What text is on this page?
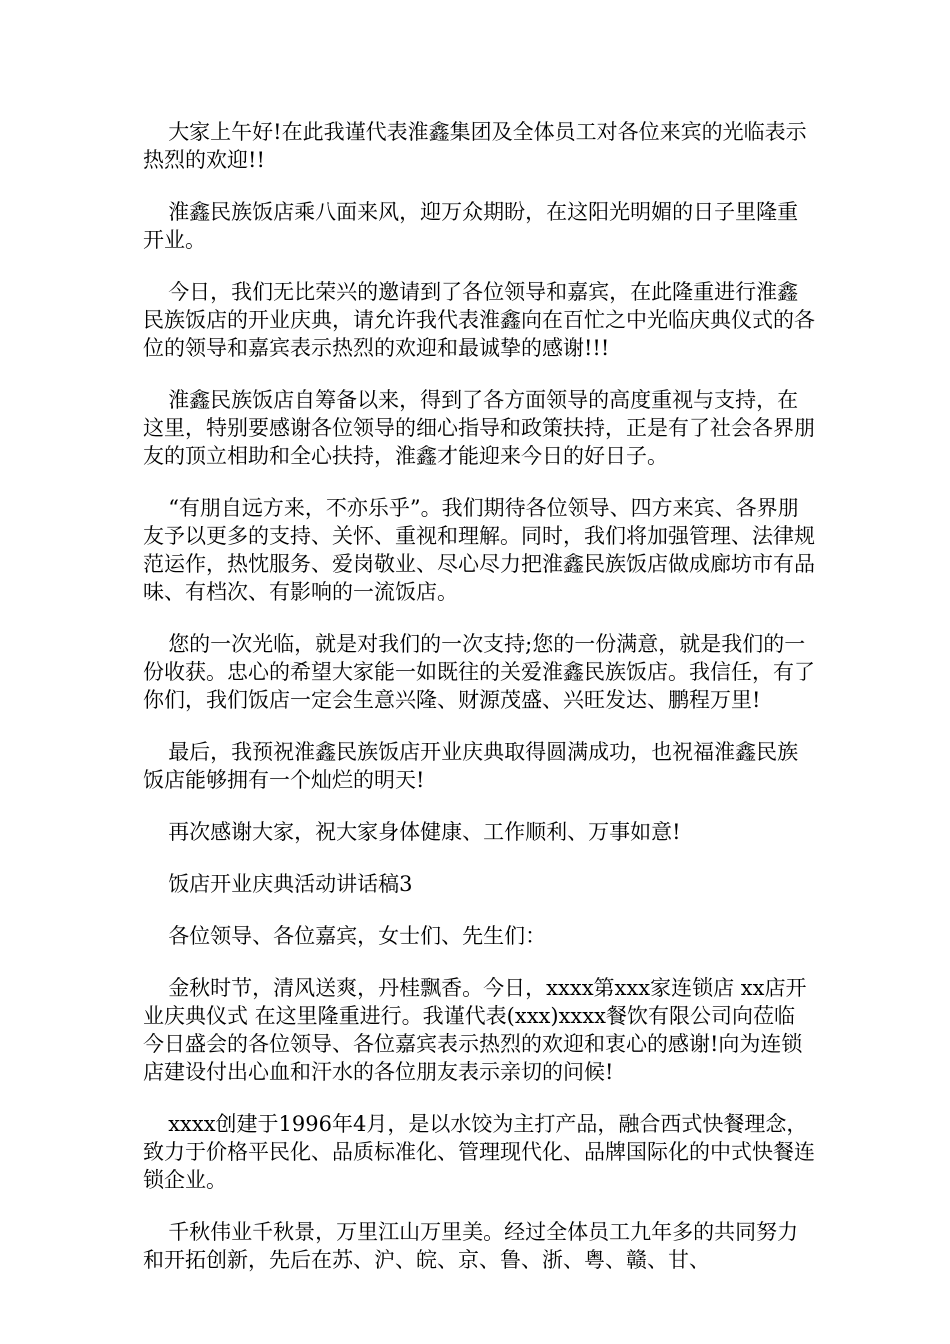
大家上午好!在此我谨代表淮鑫集团及全体员工对各位来宾的光临表示热烈的欢迎!!

淮鑫民族饭店乘八面来风，迎万众期盼，在这阳光明媚的日子里隆重开业。

今日，我们无比荣兴的邀请到了各位领导和嘉宾，在此隆重进行淮鑫民族饭店的开业庆典，请允许我代表淮鑫向在百忙之中光临庆典仪式的各位的领导和嘉宾表示热烈的欢迎和最诚挚的感谢!!!

淮鑫民族饭店自筹备以来，得到了各方面领导的高度重视与支持，在这里，特别要感谢各位领导的细心指导和政策扶持，正是有了社会各界朋友的顶立相助和全心扶持，淮鑫才能迎来今日的好日子。

“有朋自远方来，不亦乐乎”。我们期待各位领导、四方来宾、各界朋友予以更多的支持、关怀、重视和理解。同时，我们将加强管理、法律规范运作，热忱服务、爱岗敬业、尽心尽力把淮鑫民族饭店做成廊坊市有品味、有档次、有影响的一流饭店。

您的一次光临，就是对我们的一次支持;您的一份满意，就是我们的一份收获。忠心的希望大家能一如既往的关爱淮鑫民族饭店。我信任，有了你们，我们饭店一定会生意兴隆、财源茂盛、兴旺发达、鹏程万里!

最后，我预祝淮鑫民族饭店开业庆典取得圆满成功，也祝福淮鑫民族饭店能够拥有一个灿烂的明天!

再次感谢大家，祝大家身体健康、工作顺利、万事如意!

饭店开业庆典活动讲话稿3

各位领导、各位嘉宾，女士们、先生们：

金秋时节，清风送爽，丹桂飘香。今日，xxxx第xxx家连锁店 xx店开业庆典仪式 在这里隆重进行。我谨代表(xxx)xxxx餐饮有限公司向莅临今日盛会的各位领导、各位嘉宾表示热烈的欢迎和衷心的感谢!向为连锁店建设付出心血和汗水的各位朋友表示亲切的问候!

xxxx创建于1996年4月，是以水饺为主打产品，融合西式快餐理念，致力于价格平民化、品质标准化、管理现代化、品牌国际化的中式快餐连锁企业。

千秋伟业千秋景，万里江山万里美。经过全体员工九年多的共同努力和开拓创新，先后在苏、沪、皖、京、鲁、浙、粤、赣、甘、
